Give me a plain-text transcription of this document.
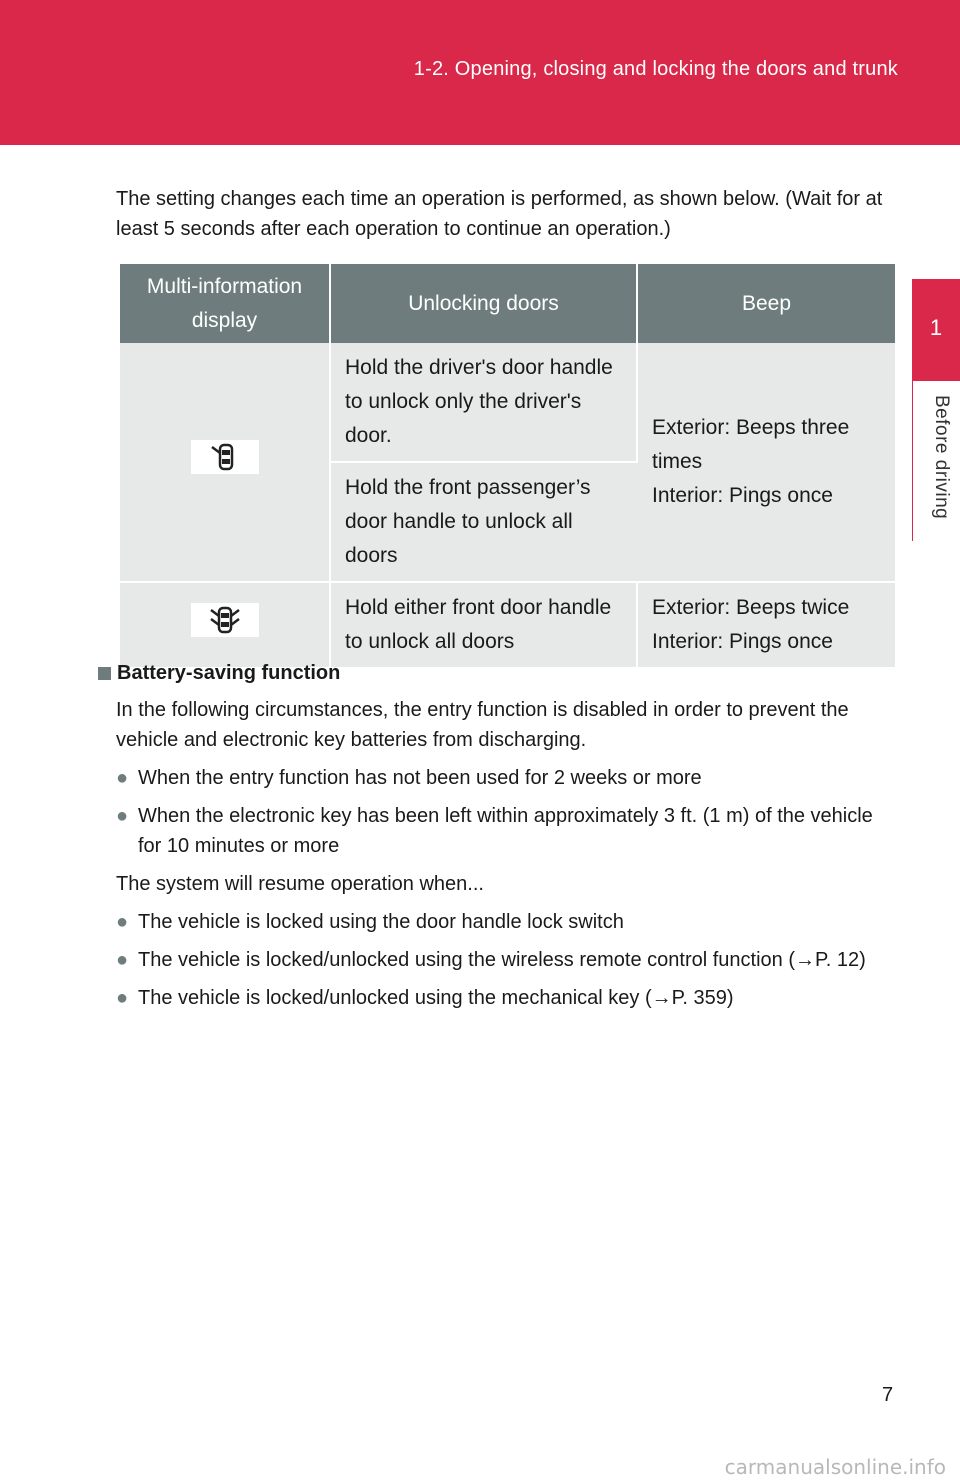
1-2. Opening, closing and locking the doors and trunk
1
Before driving
The setting changes each time an operation is performed, as shown below. (Wait for at least 5 seconds after each operation to continue an operation.)
Multi-information display	Unlocking doors	Beep

	Hold the driver's door handle to unlock only the driver's door.	Exterior: Beeps three times
Interior: Pings once

	Hold the front passenger’s door handle to unlock all doors	

	Hold either front door handle to unlock all doors	Exterior: Beeps twice
Interior: Pings once
Battery-saving function
In the following circumstances, the entry function is disabled in order to prevent the vehicle and electronic key batteries from discharging.
● When the entry function has not been used for 2 weeks or more
● When the electronic key has been left within approximately 3 ft. (1 m) of the vehicle for 10 minutes or more
The system will resume operation when...
● The vehicle is locked using the door handle lock switch
● The vehicle is locked/unlocked using the wireless remote control function (→P. 12)
● The vehicle is locked/unlocked using the mechanical key (→P. 359)
7
carmanualsonline.info
